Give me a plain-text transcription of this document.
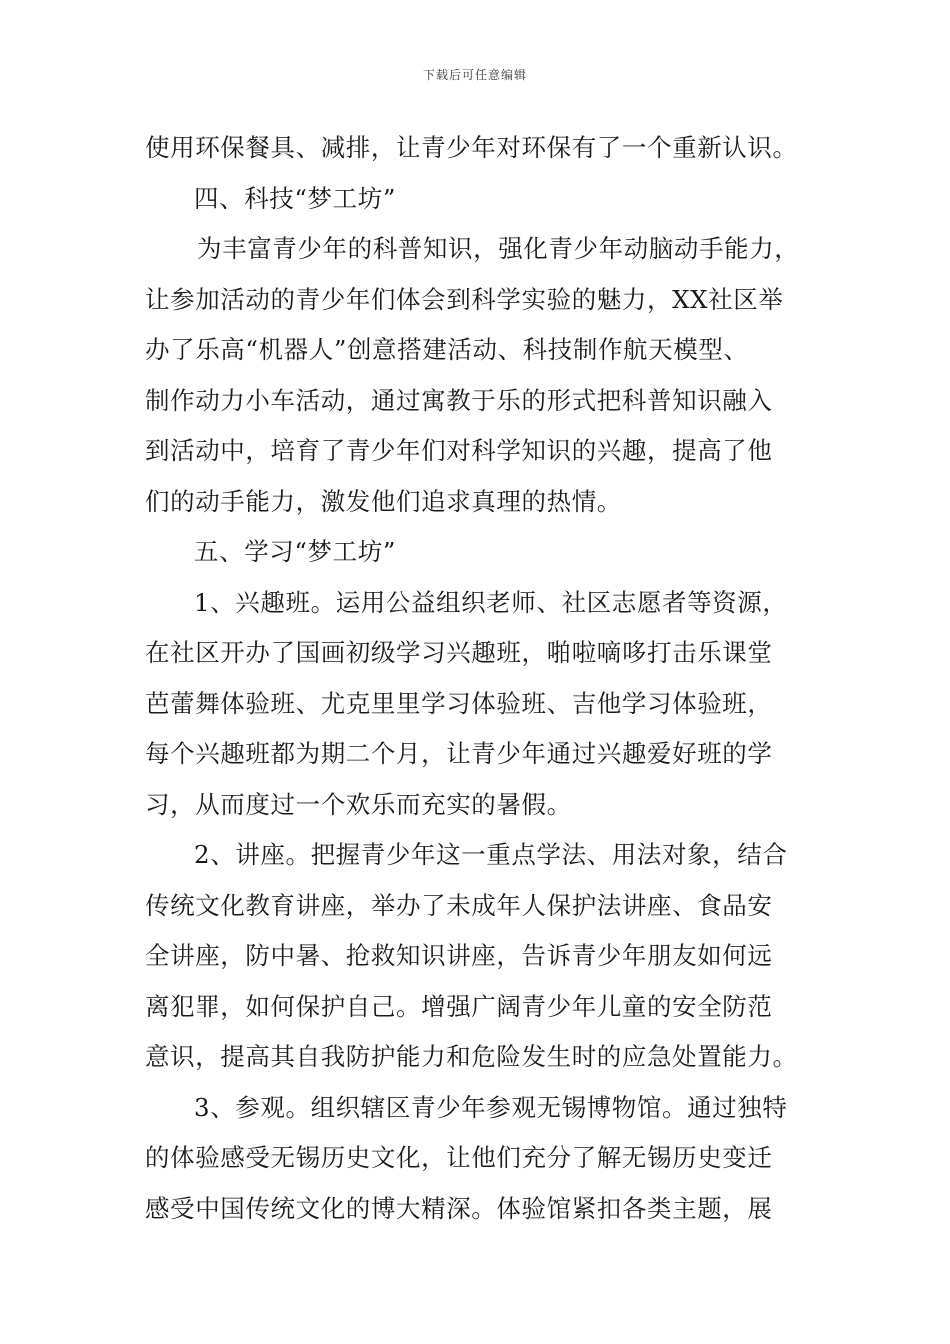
下载后可任意编辑
使用环保餐具、减排，让青少年对环保有了一个重新认识。
四、科技“梦工坊”
为丰富青少年的科普知识，强化青少年动脑动手能力，
让参加活动的青少年们体会到科学实验的魅力，XX社区举
办了乐高“机器人”创意搭建活动、科技制作航天模型、
制作动力小车活动，通过寓教于乐的形式把科普知识融入
到活动中，培育了青少年们对科学知识的兴趣，提高了他
们的动手能力，激发他们追求真理的热情。
五、学习“梦工坊”
1、兴趣班。运用公益组织老师、社区志愿者等资源，
在社区开办了国画初级学习兴趣班，啪啦嘀哆打击乐课堂
芭蕾舞体验班、尤克里里学习体验班、吉他学习体验班，
每个兴趣班都为期二个月，让青少年通过兴趣爱好班的学
习，从而度过一个欢乐而充实的暑假。
2、讲座。把握青少年这一重点学法、用法对象，结合
传统文化教育讲座，举办了未成年人保护法讲座、食品安
全讲座，防中暑、抢救知识讲座，告诉青少年朋友如何远
离犯罪，如何保护自己。增强广阔青少年儿童的安全防范
意识，提高其自我防护能力和危险发生时的应急处置能力。
3、参观。组织辖区青少年参观无锡博物馆。通过独特
的体验感受无锡历史文化，让他们充分了解无锡历史变迁
感受中国传统文化的博大精深。体验馆紧扣各类主题，展
